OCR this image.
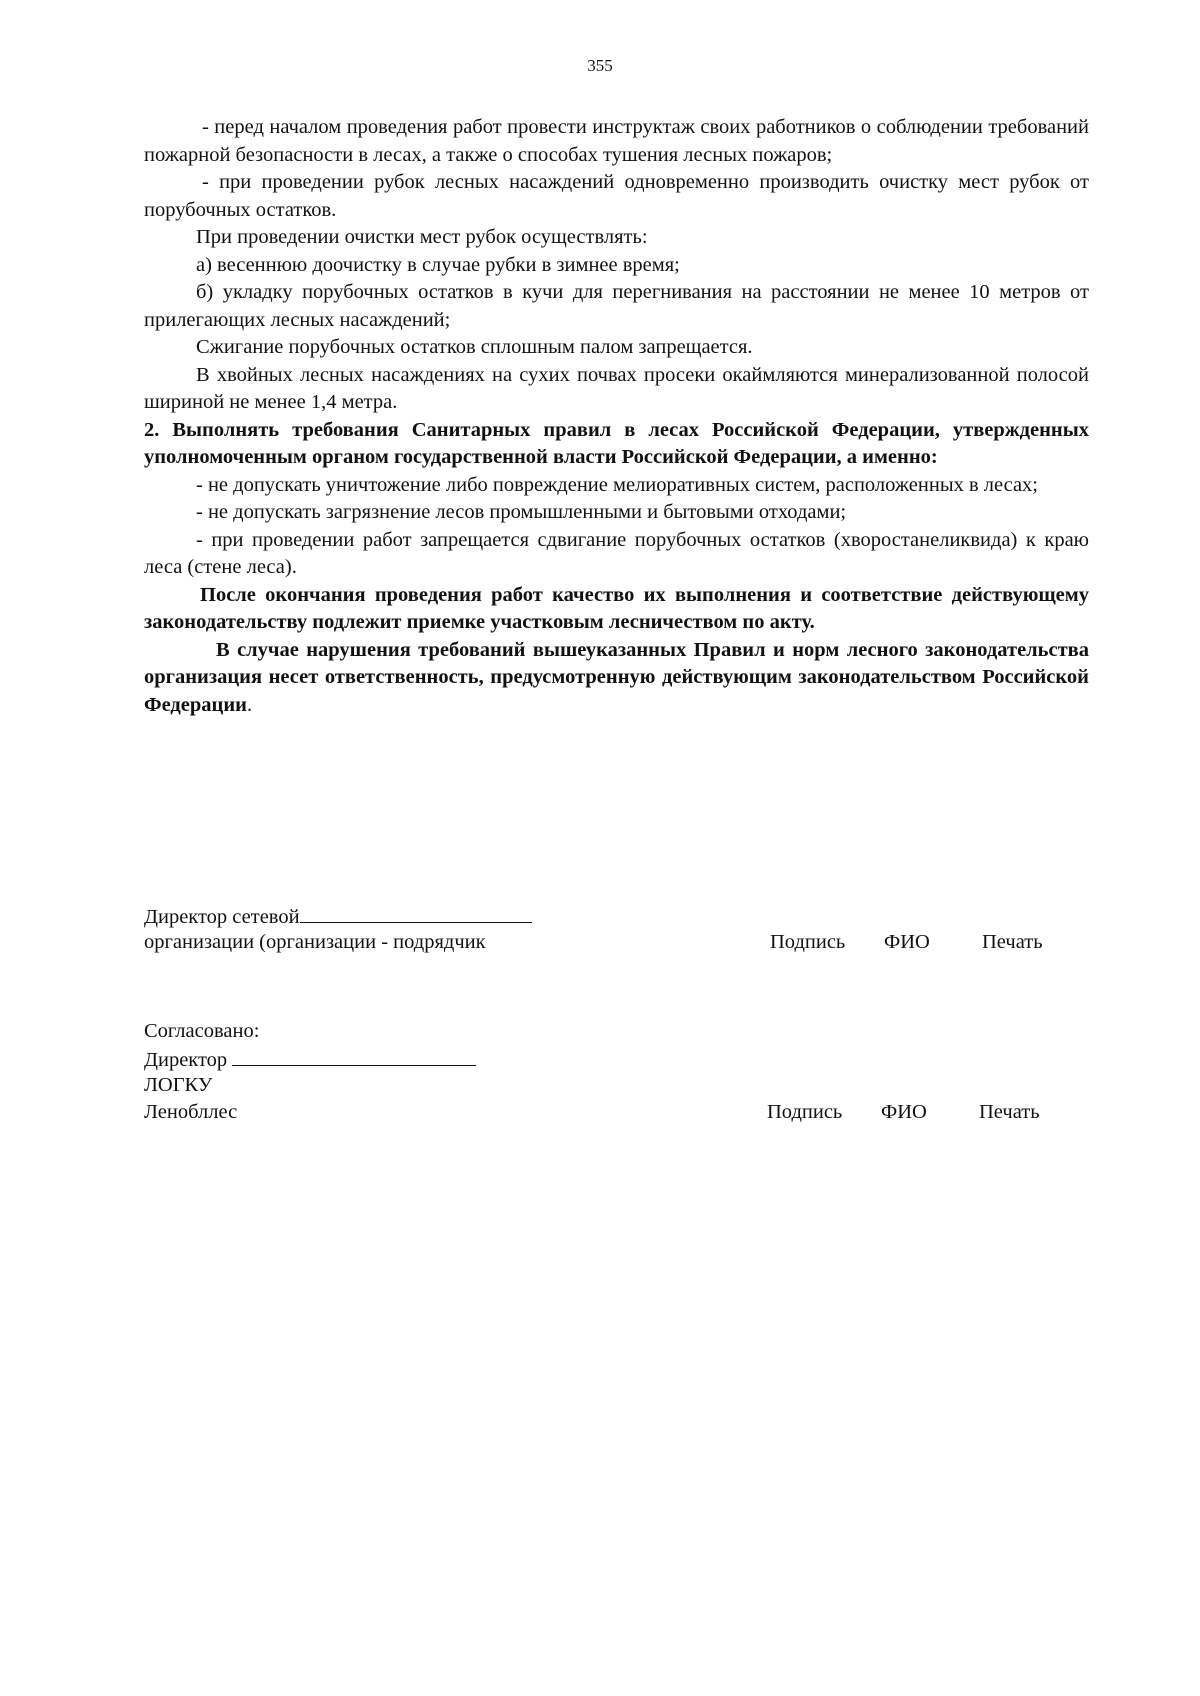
355

- перед началом проведения работ провести инструктаж своих работников о соблюдении требований пожарной безопасности в лесах, а также о способах тушения лесных пожаров;

- при проведении рубок лесных насаждений одновременно производить очистку мест рубок от порубочных остатков.

При проведении очистки мест рубок осуществлять:

а) весеннюю доочистку в случае рубки в зимнее время;

б) укладку порубочных остатков в кучи для перегнивания на расстоянии не менее 10 метров от прилегающих лесных насаждений;

Сжигание порубочных остатков сплошным палом запрещается.

В хвойных лесных насаждениях на сухих почвах просеки окаймляются минерализованной полосой шириной не менее 1,4 метра.

2. Выполнять требования Санитарных правил в лесах Российской Федерации, утвержденных уполномоченным органом государственной власти Российской Федерации, а именно:

- не допускать уничтожение либо повреждение мелиоративных систем, расположенных в лесах;

- не допускать загрязнение лесов промышленными и бытовыми отходами;

- при проведении работ запрещается сдвигание порубочных остатков (хворостанеликвида) к краю леса (стене леса).

После окончания проведения работ качество их выполнения и соответствие действующему законодательству подлежит приемке участковым лесничеством по акту.

В случае нарушения требований вышеуказанных Правил и норм лесного законодательства организация несет ответственность, предусмотренную действующим законодательством Российской Федерации.

Директор сетевой
организации (организации - подрядчик	Подпись ФИО	Печать
Согласовано:
Директор
ЛОГКУ
Ленобллес	Подпись ФИО	Печать
